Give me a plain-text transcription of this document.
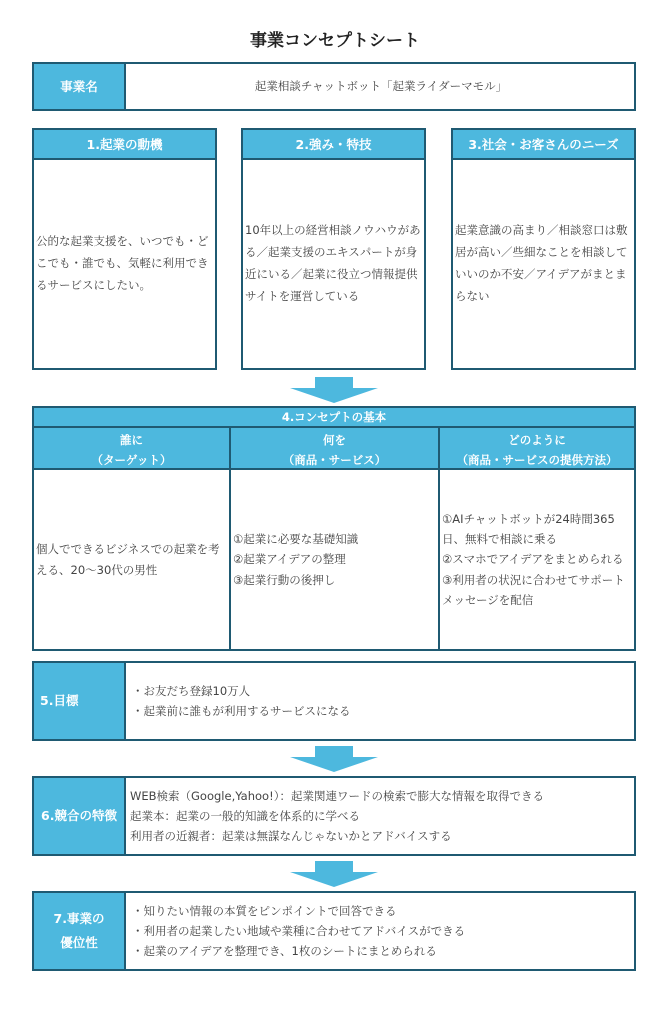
事業コンセプトシート
事業名	起業相談チャットボット「起業ライダーマモル」
1.起業の動機
公的な起業支援を、いつでも・どこでも・誰でも、気軽に利用できるサービスにしたい。
2.強み・特技
10年以上の経営相談ノウハウがある／起業支援のエキスパートが身近にいる／起業に役立つ情報提供サイトを運営している
3.社会・お客さんのニーズ
起業意識の高まり／相談窓口は敷居が高い／些細なことを相談していいのか不安／アイデアがまとまらない
4.コンセプトの基本
誰に
（ターゲット）
何を
（商品・サービス）
どのように
（商品・サービスの提供方法）
個人でできるビジネスでの起業を考える、20～30代の男性
①起業に必要な基礎知識
②起業アイデアの整理
③起業行動の後押し
①AIチャットボットが24時間365日、無料で相談に乗る
②スマホでアイデアをまとめられる
③利用者の状況に合わせてサポートメッセージを配信
5.目標
・お友だち登録10万人
・起業前に誰もが利用するサービスになる
6.競合の特徴
WEB検索（Google,Yahoo!）：起業関連ワードの検索で膨大な情報を取得できる
起業本：起業の一般的知識を体系的に学べる
利用者の近親者：起業は無謀なんじゃないかとアドバイスする
7.事業の
優位性
・知りたい情報の本質をピンポイントで回答できる
・利用者の起業したい地域や業種に合わせてアドバイスができる
・起業のアイデアを整理でき、1枚のシートにまとめられる
